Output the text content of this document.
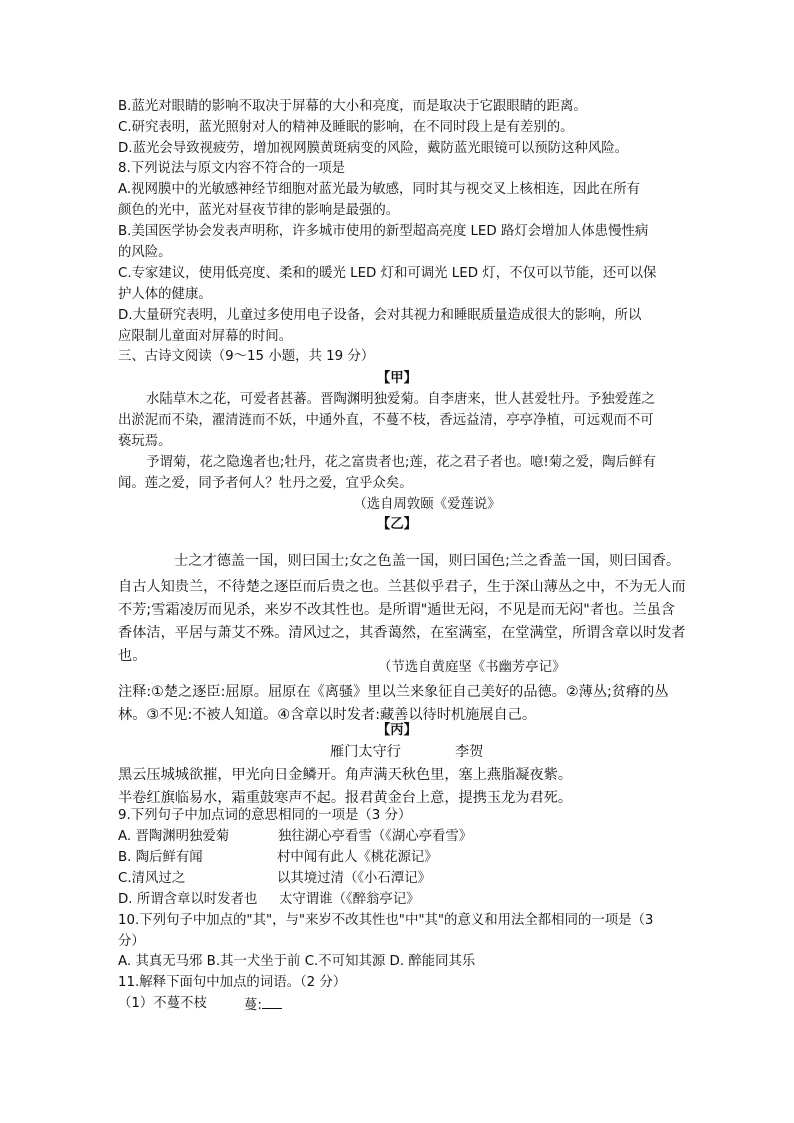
B.蓝光对眼睛的影响不取决于屏幕的大小和亮度，而是取决于它跟眼睛的距离。
C.研究表明，蓝光照射对人的精神及睡眠的影响，在不同时段上是有差别的。
D.蓝光会导致视疲劳，增加视网膜黄斑病变的风险，戴防蓝光眼镜可以预防这种风险。
8.下列说法与原文内容不符合的一项是
A.视网膜中的光敏感神经节细胞对蓝光最为敏感，同时其与视交叉上核相连，因此在所有
颜色的光中，蓝光对昼夜节律的影响是最强的。
B.美国医学协会发表声明称，许多城市使用的新型超高亮度 LED 路灯会增加人体患慢性病
的风险。
C.专家建议，使用低亮度、柔和的暖光 LED 灯和可调光 LED 灯，不仅可以节能，还可以保
护人体的健康。
D.大量研究表明，儿童过多使用电子设备，会对其视力和睡眠质量造成很大的影响，所以
应限制儿童面对屏幕的时间。
三、古诗文阅读（9～15 小题，共 19 分）
【甲】
水陆草木之花，可爱者甚蕃。晋陶渊明独爱菊。自李唐来，世人甚爱牡丹。予独爱莲之
出淤泥而不染，濯清涟而不妖，中通外直，不蔓不枝，香远益清，亭亭净植，可远观而不可
亵玩焉。
予谓菊，花之隐逸者也;牡丹，花之富贵者也;莲，花之君子者也。噫!菊之爱，陶后鲜有
闻。莲之爱，同予者何人？牡丹之爱，宜乎众矣。
（选自周敦颐《爱莲说》
【乙】
士之才德盖一国，则曰国士;女之色盖一国，则曰国色;兰之香盖一国，则曰国香。
自古人知贵兰，不待楚之逐臣而后贵之也。兰甚似乎君子，生于深山薄丛之中，不为无人而
不芳;雪霜凌厉而见杀，来岁不改其性也。是所谓"遁世无闷，不见是而无闷"者也。兰虽含
香体洁，平居与萧艾不殊。清风过之，其香蔼然，在室满室，在堂满堂，所谓含章以时发者
也。
（节选自黄庭坚《书幽芳亭记》
注释:①楚之逐臣:屈原。屈原在《离骚》里以兰来象征自己美好的品德。②薄丛;贫瘠的丛
林。③不见:不被人知道。④含章以时发者:藏善以待时机施展自己。
【丙】
雁门太守行	李贺
黑云压城城欲摧，甲光向日金鳞开。角声满天秋色里，塞上燕脂凝夜紫。
半卷红旗临易水，霜重鼓寒声不起。报君黄金台上意，提携玉龙为君死。
9.下列句子中加点词的意思相同的一项是（3 分）
A. 晋陶渊明独爱菊	独往湖心亭看雪（《湖心亭看雪》
B. 陶后鲜有闻	村中闻有此人《桃花源记》
C.清风过之	以其境过清（《小石潭记》
D. 所谓含章以时发者也 太守谓谁（《醉翁亭记》
10.下列句子中加点的"其"，与"来岁不改其性也"中"其"的意义和用法全都相同的一项是（3
分）
A. 其真无马邪 B.其一犬坐于前 C.不可知其源 D. 醉能同其乐
11.解释下面句中加点的词语。（2 分）
（1）不蔓不枝	蔓:
